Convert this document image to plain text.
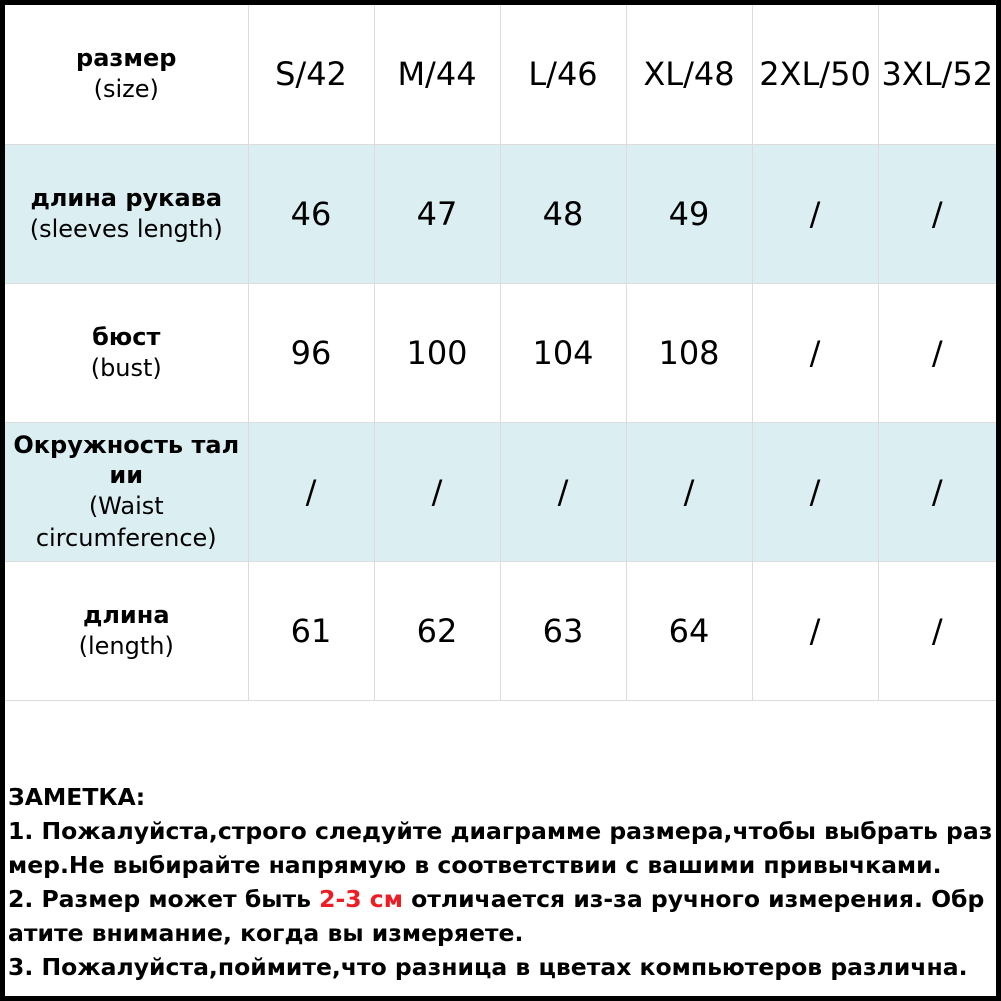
размер
(size)	S/42	M/44	L/46	XL/48	2XL/50	3XL/52

длина рукава
(sleeves length)	46	47	48	49	/	/

бюст
(bust)	96	100	104	108	/	/

Окружность тал
ии
(Waist
circumference)	/	/	/	/	/	/

длина
(length)	61	62	63	64	/	/
ЗАМЕТКА:
1. Пожалуйста,строго следуйте диаграмме размера,чтобы выбрать раз
мер.Не выбирайте напрямую в соответствии с вашими привычками.
2. Размер может быть 2-3 см отличается из-за ручного измерения. Обр
атите внимание, когда вы измеряете.
3. Пожалуйста,поймите,что разница в цветах компьютеров различна.
